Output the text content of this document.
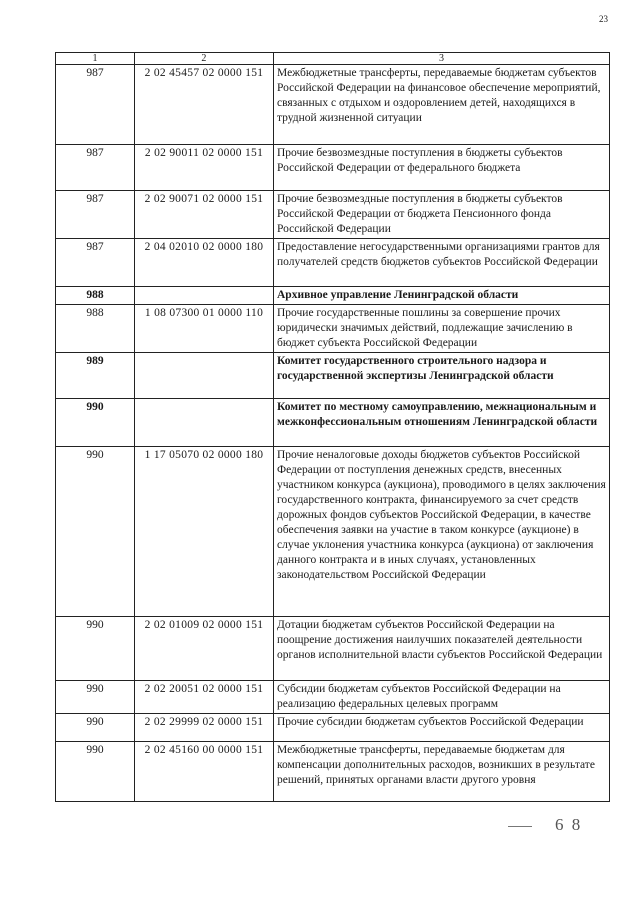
23
1	2	3
987	2 02 45457 02 0000 151	Межбюджетные трансферты, передаваемые бюджетам субъектов Российской Федерации на финансовое обеспечение мероприятий, связанных с отдыхом и оздоровлением детей, находящихся в трудной жизненной ситуации
987	2 02 90011 02 0000 151	Прочие безвозмездные поступления в бюджеты субъектов Российской Федерации от федерального бюджета
987	2 02 90071 02 0000 151	Прочие безвозмездные поступления в бюджеты субъектов Российской Федерации от бюджета Пенсионного фонда Российской Федерации
987	2 04 02010 02 0000 180	Предоставление негосударственными организациями грантов для получателей средств бюджетов субъектов Российской Федерации
988		Архивное управление Ленинградской области
988	1 08 07300 01 0000 110	Прочие государственные пошлины за совершение прочих юридически значимых действий, подлежащие зачислению в бюджет субъекта Российской Федерации
989		Комитет государственного строительного надзора и государственной экспертизы Ленинградской области
990		Комитет по местному самоуправлению, межнациональным и межконфессиональным отношениям Ленинградской области
990	1 17 05070 02 0000 180	Прочие неналоговые доходы бюджетов субъектов Российской Федерации от поступления денежных средств, внесенных участником конкурса (аукциона), проводимого в целях заключения государственного контракта, финансируемого за счет средств дорожных фондов субъектов Российской Федерации, в качестве обеспечения заявки на участие в таком конкурсе (аукционе) в случае уклонения участника конкурса (аукциона) от заключения данного контракта и в иных случаях, установленных законодательством Российской Федерации
990	2 02 01009 02 0000 151	Дотации бюджетам субъектов Российской Федерации на поощрение достижения наилучших показателей деятельности органов исполнительной власти субъектов Российской Федерации
990	2 02 20051 02 0000 151	Субсидии бюджетам субъектов Российской Федерации на реализацию федеральных целевых программ
990	2 02 29999 02 0000 151	Прочие субсидии бюджетам субъектов Российской Федерации
990	2 02 45160 00 0000 151	Межбюджетные трансферты, передаваемые бюджетам для компенсации дополнительных расходов, возникших в результате решений, принятых органами власти другого уровня
6 8
